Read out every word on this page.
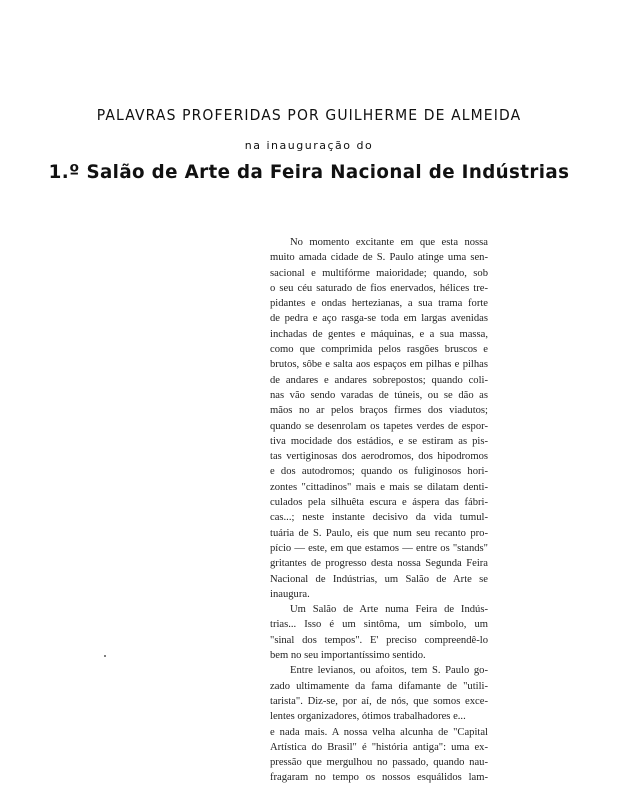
PALAVRAS PROFERIDAS POR GUILHERME DE ALMEIDA
na inauguração do
1.º Salão de Arte da Feira Nacional de Indústrias
No momento excitante em que esta nossa
muito amada cidade de S. Paulo atinge uma sen-
sacional e multifórme maioridade; quando, sob
o seu céu saturado de fios enervados, hélices tre-
pidantes e ondas hertezianas, a sua trama forte
de pedra e aço rasga-se toda em largas avenidas
inchadas de gentes e máquinas, e a sua massa,
como que comprimida pelos rasgões bruscos e
brutos, sôbe e salta aos espaços em pilhas e pilhas
de andares e andares sobrepostos; quando coli-
nas vão sendo varadas de túneis, ou se dão as
mãos no ar pelos braços firmes dos viadutos;
quando se desenrolam os tapetes verdes de espor-
tiva mocidade dos estádios, e se estiram as pis-
tas vertiginosas dos aerodromos, dos hipodromos
e dos autodromos; quando os fuliginosos hori-
zontes "cittadinos" mais e mais se dilatam denti-
culados pela silhuêta escura e áspera das fábri-
cas...; neste instante decisivo da vida tumul-
tuária de S. Paulo, eis que num seu recanto pro-
pício — este, em que estamos — entre os "stands"
gritantes de progresso desta nossa Segunda Feira
Nacional de Indústrias, um Salão de Arte se
inaugura.
Um Salão de Arte numa Feira de Indús-
trias... Isso é um sintôma, um símbolo, um
"sinal dos tempos". E' preciso compreendê-lo
bem no seu importantíssimo sentido.
Entre levianos, ou afoitos, tem S. Paulo go-
zado ultimamente da fama difamante de "utili-
tarista". Diz-se, por aí, de nós, que somos exce-
lentes organizadores, ótimos trabalhadores e...
e nada mais. A nossa velha alcunha de "Capital
Artística do Brasil" é "história antiga": uma ex-
pressão que mergulhou no passado, quando nau-
fragaram no tempo os nossos esquálidos lam-
